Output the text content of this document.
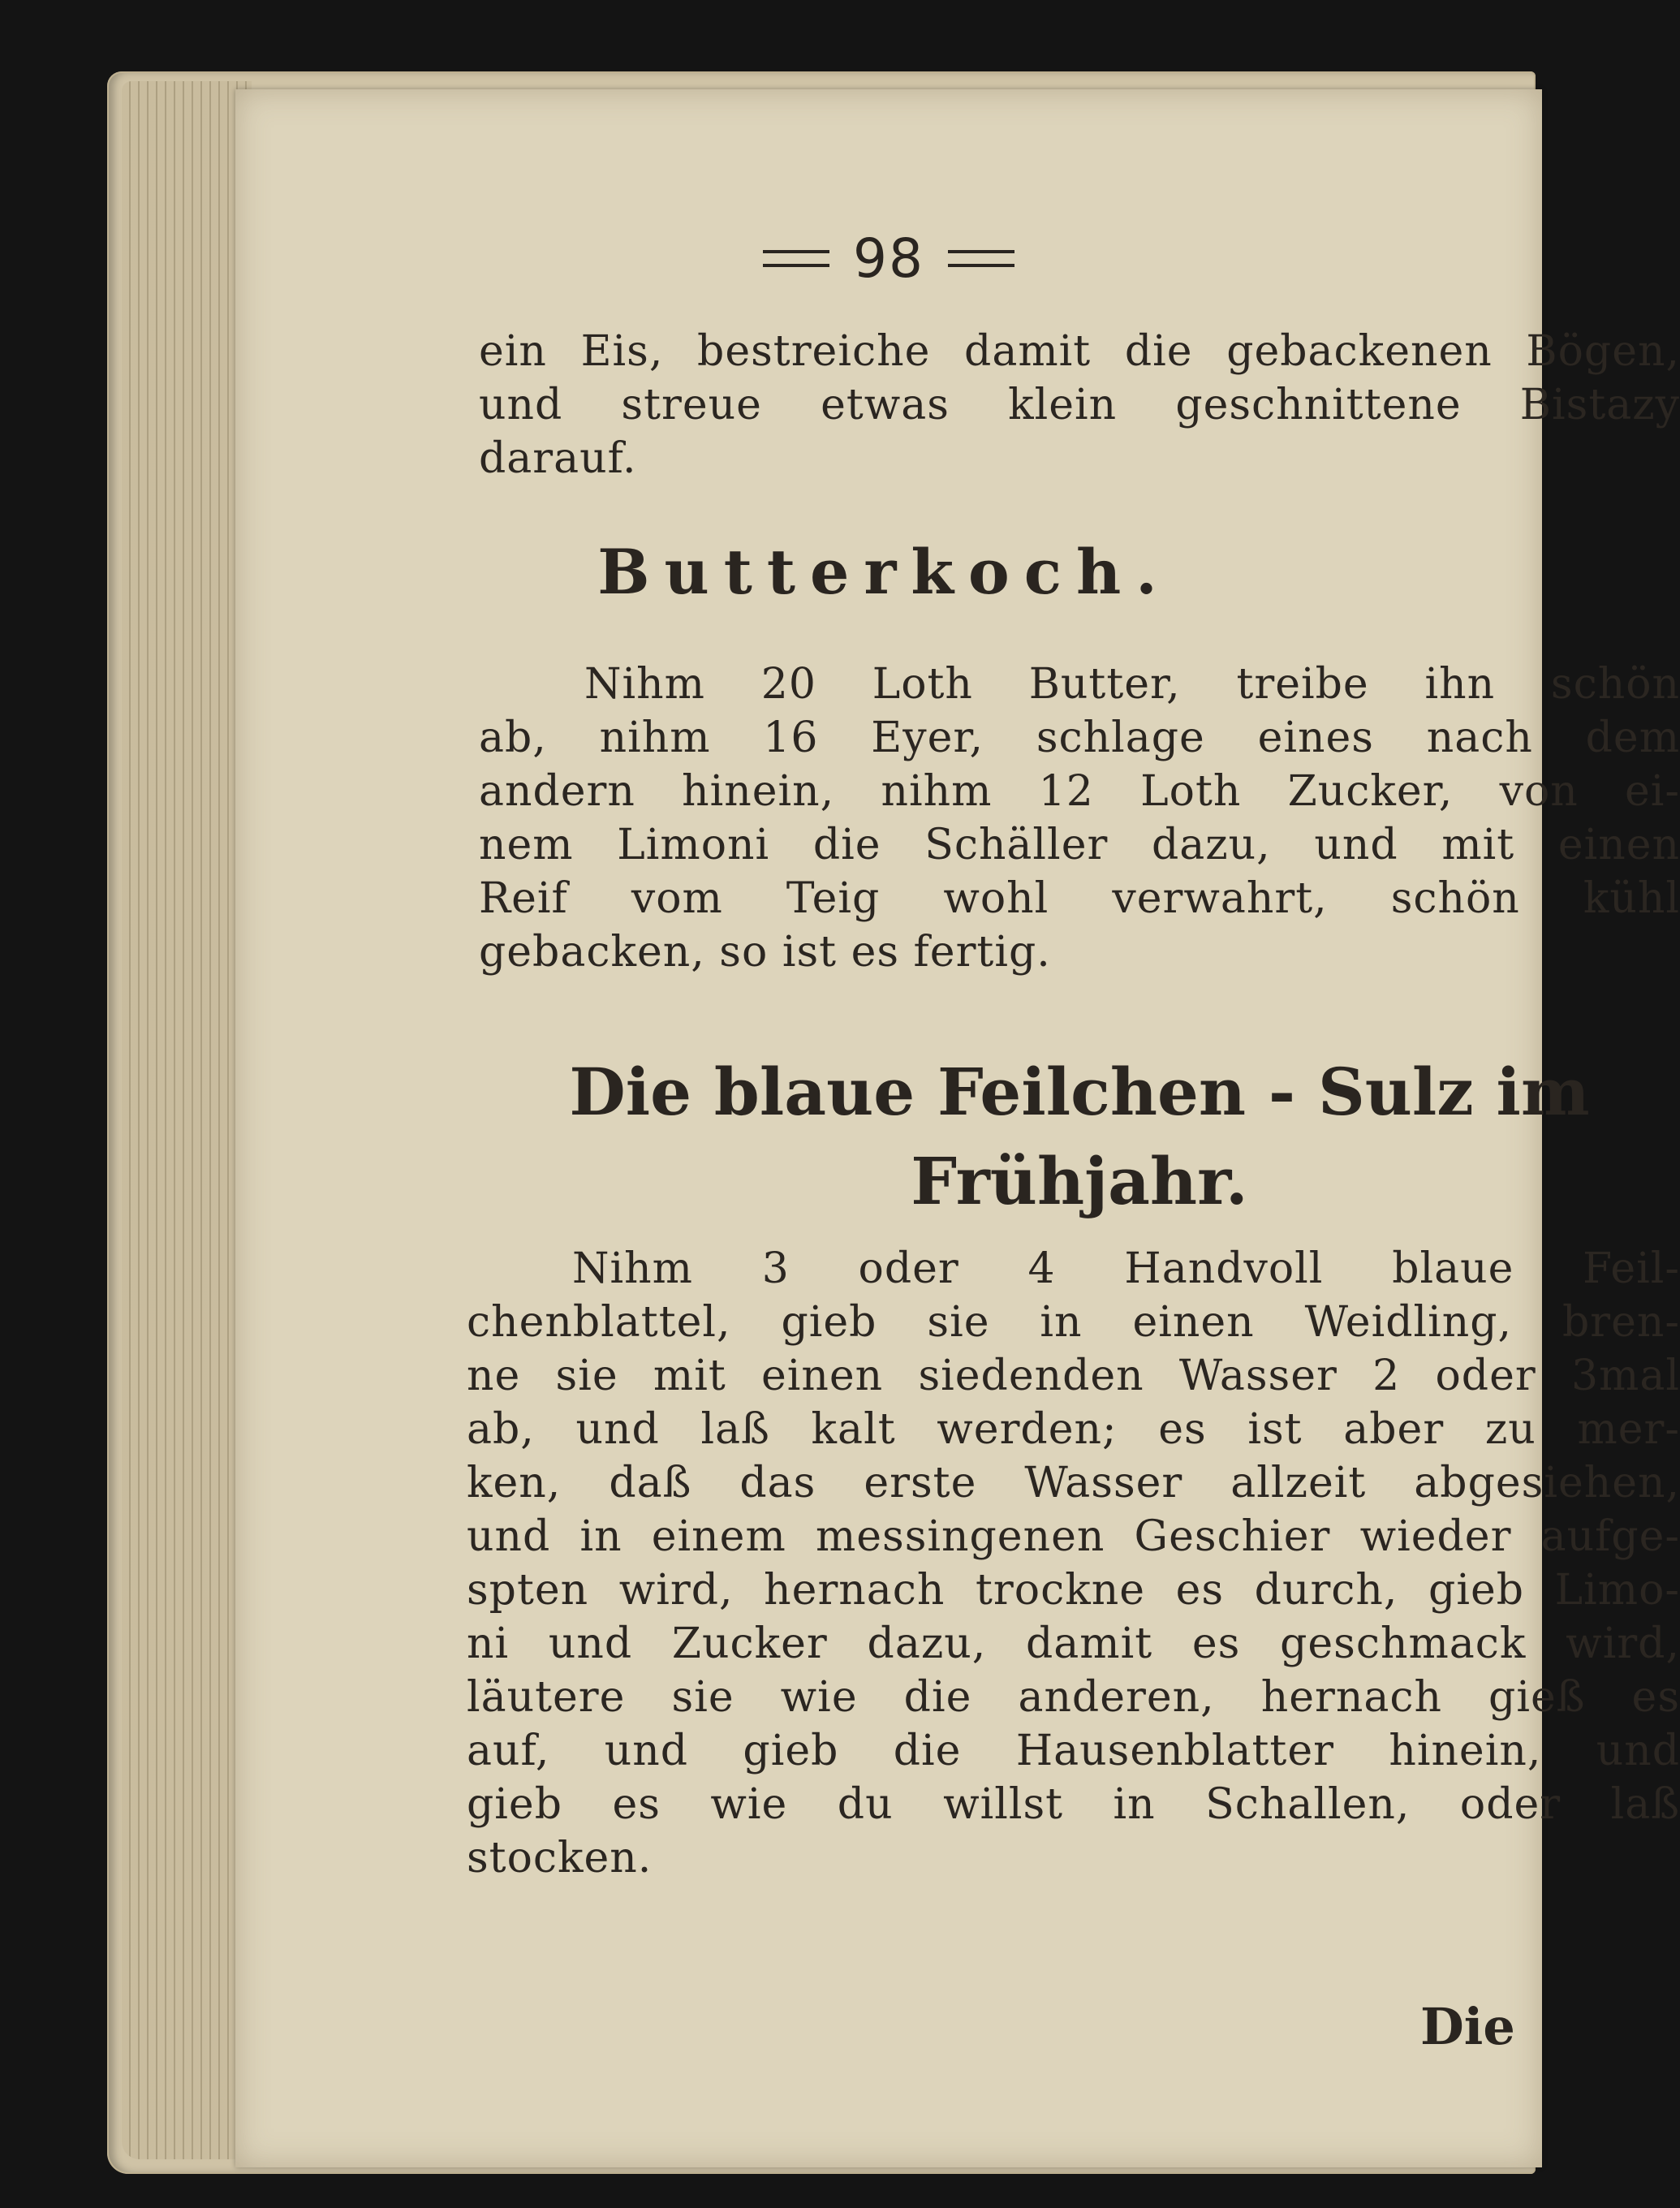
98
ein Eis, bestreiche damit die gebackenen Bögen,
und streue etwas klein geschnittene Bistazy
darauf.
Butterkoch.
Nihm 20 Loth Butter, treibe ihn schön
ab, nihm 16 Eyer, schlage eines nach dem
andern hinein, nihm 12 Loth Zucker, von ei-
nem Limoni die Schäller dazu, und mit einen
Reif vom Teig wohl verwahrt, schön kühl
gebacken, so ist es fertig.
Die blaue Feilchen - Sulz im
Frühjahr.
Nihm 3 oder 4 Handvoll blaue Feil-
chenblattel, gieb sie in einen Weidling, bren-
ne sie mit einen siedenden Wasser 2 oder 3mal
ab, und laß kalt werden; es ist aber zu mer-
ken, daß das erste Wasser allzeit abgesiehen,
und in einem messingenen Geschier wieder aufge-
spten wird, hernach trockne es durch, gieb Limo-
ni und Zucker dazu, damit es geschmack wird,
läutere sie wie die anderen, hernach gieß es
auf, und gieb die Hausenblatter hinein, und
gieb es wie du willst in Schallen, oder laß
stocken.
Die
